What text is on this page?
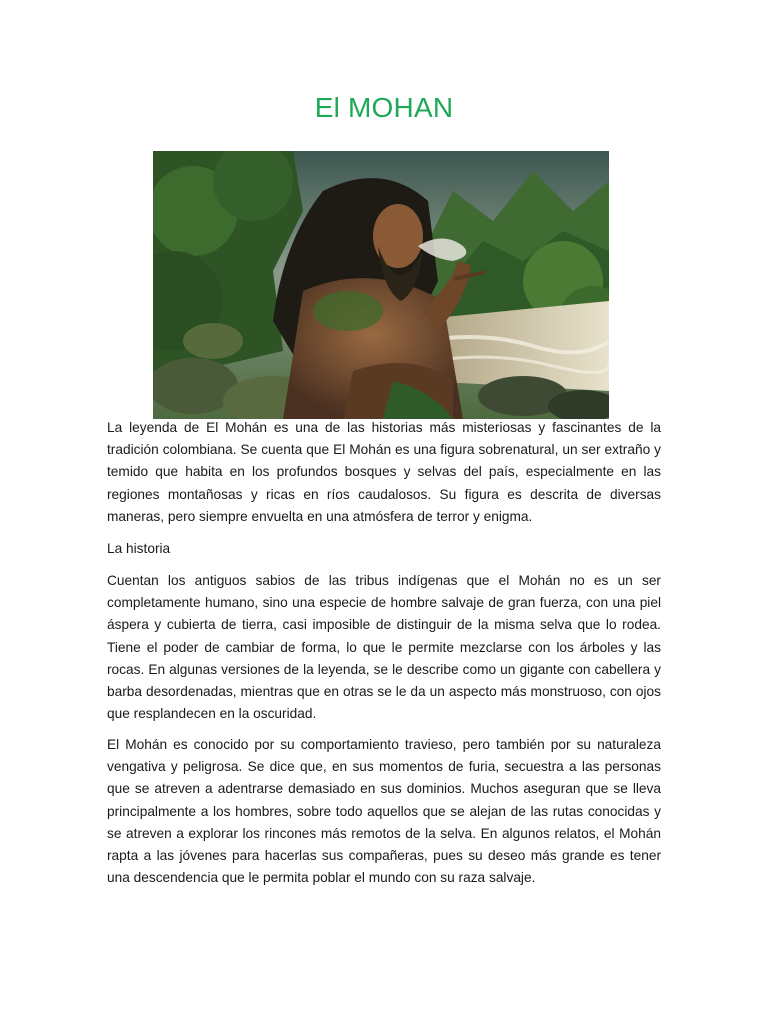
El MOHAN

La leyenda de El Mohán es una de las historias más misteriosas y fascinantes de la tradición colombiana. Se cuenta que El Mohán es una figura sobrenatural, un ser extraño y temido que habita en los profundos bosques y selvas del país, especialmente en las regiones montañosas y ricas en ríos caudalosos. Su figura es descrita de diversas maneras, pero siempre envuelta en una atmósfera de terror y enigma.

La historia

Cuentan los antiguos sabios de las tribus indígenas que el Mohán no es un ser completamente humano, sino una especie de hombre salvaje de gran fuerza, con una piel áspera y cubierta de tierra, casi imposible de distinguir de la misma selva que lo rodea. Tiene el poder de cambiar de forma, lo que le permite mezclarse con los árboles y las rocas. En algunas versiones de la leyenda, se le describe como un gigante con cabellera y barba desordenadas, mientras que en otras se le da un aspecto más monstruoso, con ojos que resplandecen en la oscuridad.

El Mohán es conocido por su comportamiento travieso, pero también por su naturaleza vengativa y peligrosa. Se dice que, en sus momentos de furia, secuestra a las personas que se atreven a adentrarse demasiado en sus dominios. Muchos aseguran que se lleva principalmente a los hombres, sobre todo aquellos que se alejan de las rutas conocidas y se atreven a explorar los rincones más remotos de la selva. En algunos relatos, el Mohán rapta a las jóvenes para hacerlas sus compañeras, pues su deseo más grande es tener una descendencia que le permita poblar el mundo con su raza salvaje.
